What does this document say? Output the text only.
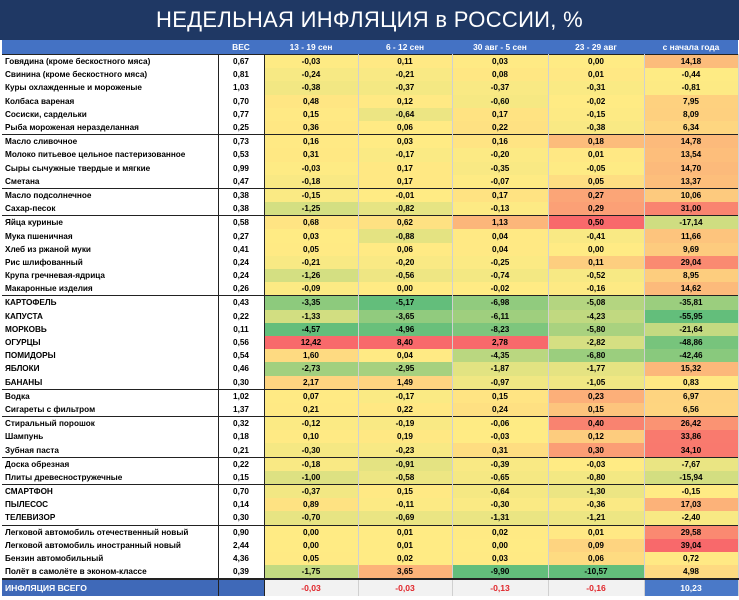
НЕДЕЛЬНАЯ ИНФЛЯЦИЯ в РОССИИ, %
	ВЕС	13 - 19 сен	6 - 12 сен	30 авг - 5 сен	23 - 29 авг	с начала года
Говядина (кроме бескостного мяса)	0,67	-0,03	0,11	0,03	0,00	14,18
Свинина (кроме бескостного мяса)	0,81	-0,24	-0,21	0,08	0,01	-0,44
Куры охлажденные и мороженые	1,03	-0,38	-0,37	-0,37	-0,31	-0,81
Колбаса вареная	0,70	0,48	0,12	-0,60	-0,02	7,95
Сосиски, сардельки	0,77	0,15	-0,64	0,17	-0,15	8,09
Рыба мороженая неразделанная	0,25	0,36	0,06	0,22	-0,38	6,34
Масло сливочное	0,73	0,16	0,03	0,16	0,18	14,78
Молоко питьевое цельное пастеризованное	0,53	0,31	-0,17	-0,20	0,01	13,54
Сыры сычужные твердые и мягкие	0,99	-0,03	0,17	-0,35	-0,05	14,70
Сметана	0,47	-0,18	0,17	-0,07	0,05	13,37
Масло подсолнечное	0,38	-0,15	-0,01	0,17	0,27	10,06
Сахар-песок	0,38	-1,25	-0,82	-0,13	0,29	31,00
Яйца куриные	0,58	0,68	0,62	1,13	0,50	-17,14
Мука пшеничная	0,27	0,03	-0,88	0,04	-0,41	11,66
Хлеб из ржаной муки	0,41	0,05	0,06	0,04	0,00	9,69
Рис шлифованный	0,24	-0,21	-0,20	-0,25	0,11	29,04
Крупа гречневая-ядрица	0,24	-1,26	-0,56	-0,74	-0,52	8,95
Макаронные изделия	0,26	-0,09	0,00	-0,02	-0,16	14,62
КАРТОФЕЛЬ	0,43	-3,35	-5,17	-6,98	-5,08	-35,81
КАПУСТА	0,22	-1,33	-3,65	-6,11	-4,23	-55,95
МОРКОВЬ	0,11	-4,57	-4,96	-8,23	-5,80	-21,64
ОГУРЦЫ	0,56	12,42	8,40	2,78	-2,82	-48,86
ПОМИДОРЫ	0,54	1,60	0,04	-4,35	-6,80	-42,46
ЯБЛОКИ	0,46	-2,73	-2,95	-1,87	-1,77	15,32
БАНАНЫ	0,30	2,17	1,49	-0,97	-1,05	0,83
Водка	1,02	0,07	-0,17	0,15	0,23	6,97
Сигареты с фильтром	1,37	0,21	0,22	0,24	0,15	6,56
Стиральный порошок	0,32	-0,12	-0,19	-0,06	0,40	26,42
Шампунь	0,18	0,10	0,19	-0,03	0,12	33,86
Зубная паста	0,21	-0,30	-0,23	0,31	0,30	34,10
Доска обрезная	0,22	-0,18	-0,91	-0,39	-0,03	-7,67
Плиты древесностружечные	0,15	-1,00	-0,58	-0,65	-0,80	-15,94
СМАРТФОН	0,70	-0,37	0,15	-0,64	-1,30	-0,15
ПЫЛЕСОС	0,14	0,89	-0,11	-0,30	-0,36	17,03
ТЕЛЕВИЗОР	0,30	-0,70	-0,69	-1,31	-1,21	-2,40
Легковой автомобиль отечественный новый	0,90	0,00	0,01	0,02	0,01	29,58
Легковой автомобиль иностранный новый	2,44	0,00	0,01	0,00	0,09	39,04
Бензин автомобильный	4,36	0,05	0,02	0,03	0,06	0,72
Полёт в самолёте в эконом-классе	0,39	-1,75	3,65	-9,90	-10,57	4,98
ИНФЛЯЦИЯ ВСЕГО		-0,03	-0,03	-0,13	-0,16	10,23
